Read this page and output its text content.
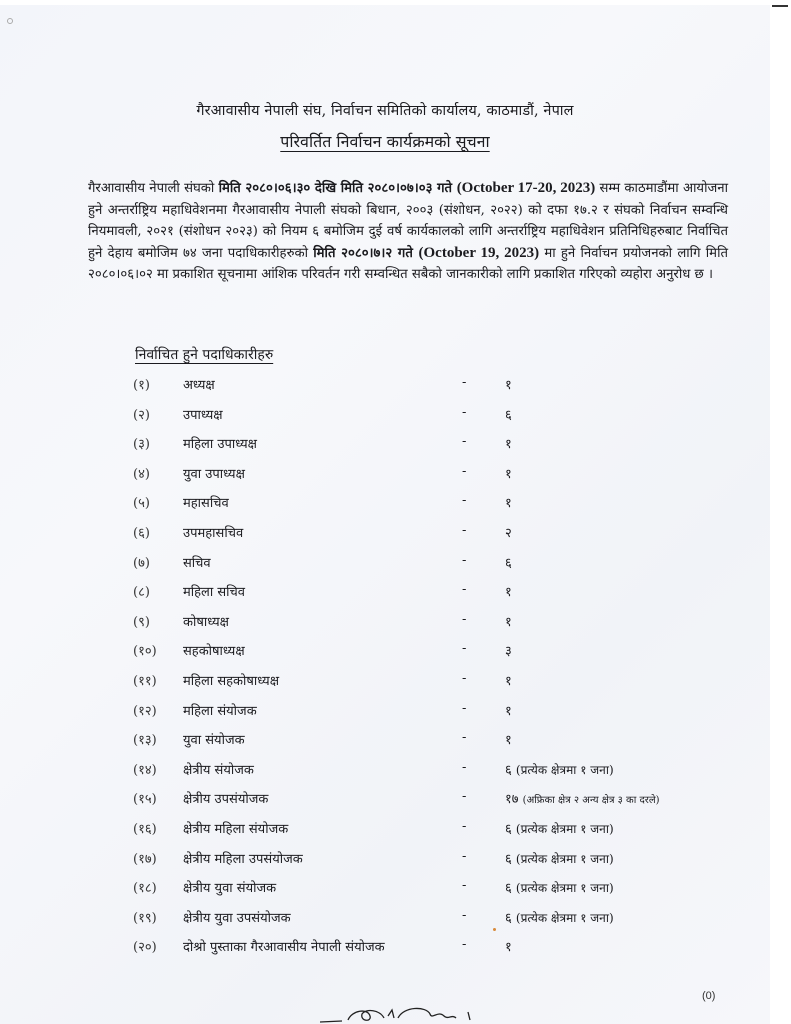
गैरआवासीय नेपाली संघ, निर्वाचन समितिको कार्यालय, काठमाडौं, नेपाल
परिवर्तित निर्वाचन कार्यक्रमको सूचना
गैरआवासीय नेपाली संघको मिति २०८०।०६।३० देखि मिति २०८०।०७।०३ गते (October 17-20, 2023) सम्म काठमाडौंमा आयोजना हुने अन्तर्राष्ट्रिय महाधिवेशनमा गैरआवासीय नेपाली संघको बिधान, २००३ (संशोधन, २०२२) को दफा १७.२ र संघको निर्वाचन सम्वन्धि नियमावली, २०२१ (संशोधन २०२३) को नियम ६ बमोजिम दुई वर्ष कार्यकालको लागि अन्तर्राष्ट्रिय महाधिवेशन प्रतिनिधिहरुबाट निर्वाचित हुने देहाय बमोजिम ७४ जना पदाधिकारीहरुको मिति २०८०।७।२ गते (October 19, 2023) मा हुने निर्वाचन प्रयोजनको लागि मिति २०८०।०६।०२ मा प्रकाशित सूचनामा आंशिक परिवर्तन गरी सम्वन्धित सबैको जानकारीको लागि प्रकाशित गरिएको व्यहोरा अनुरोध छ ।
निर्वाचित हुने पदाधिकारीहरु
(१)	अध्यक्ष	-	१
(२)	उपाध्यक्ष	-	६
(३)	महिला उपाध्यक्ष	-	१
(४)	युवा उपाध्यक्ष	-	१
(५)	महासचिव	-	१
(६)	उपमहासचिव	-	२
(७)	सचिव	-	६
(८)	महिला सचिव	-	१
(९)	कोषाध्यक्ष	-	१
(१०) सहकोषाध्यक्ष	-	३
(११) महिला सहकोषाध्यक्ष	-	१
(१२) महिला संयोजक	-	१
(१३) युवा संयोजक	-	१
(१४) क्षेत्रीय संयोजक	-	६ (प्रत्येक क्षेत्रमा १ जना)
(१५) क्षेत्रीय उपसंयोजक	-	१७ (अफ्रिका क्षेत्र २ अन्य क्षेत्र ३ का दरले)
(१६) क्षेत्रीय महिला संयोजक	-	६ (प्रत्येक क्षेत्रमा १ जना)
(१७) क्षेत्रीय महिला उपसंयोजक	-	६ (प्रत्येक क्षेत्रमा १ जना)
(१८) क्षेत्रीय युवा संयोजक	-	६ (प्रत्येक क्षेत्रमा १ जना)
(१९) क्षेत्रीय युवा उपसंयोजक	-	६ (प्रत्येक क्षेत्रमा १ जना)
(२०) दोश्रो पुस्ताका गैरआवासीय नेपाली संयोजक	-	१
(0)
